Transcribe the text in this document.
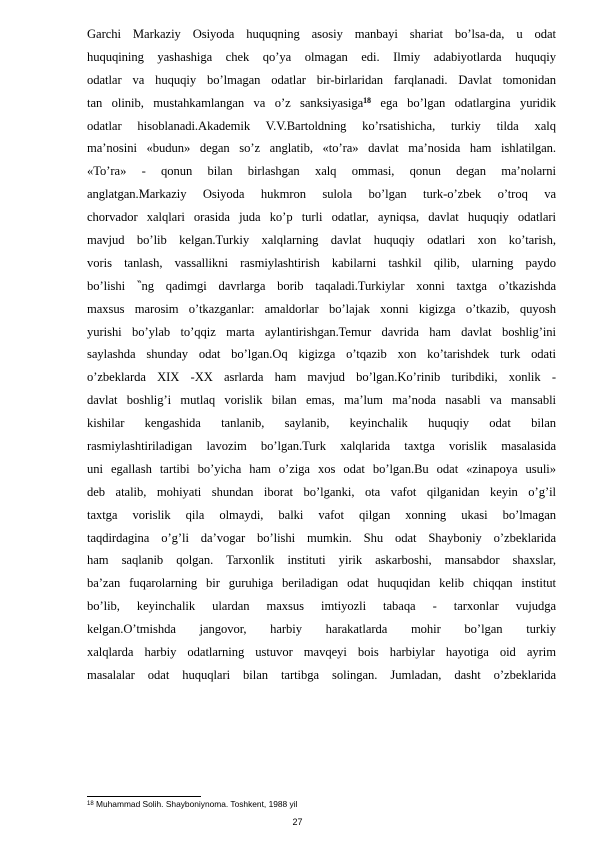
Garchi Markaziy Osiyoda huquqning asosiy manbayi shariat bo’lsa-da, u odat
huquqining yashashiga chek qo’ya olmagan edi. Ilmiy adabiyotlarda huquqiy
odatlar va huquqiy bo’lmagan odatlar bir-birlaridan farqlanadi. Davlat tomonidan
tan olinib, mustahkamlangan va o’z sanksiyasiga$^{18}$ ega bo’lgan odatlargina yuridik
odatlar hisoblanadi.Akademik V.V.Bartoldning ko’rsatishicha, turkiy tilda xalq
ma’nosini «budun» degan so’z anglatib, «to’ra» davlat ma’nosida ham ishlatilgan.
«To’ra» - qonun bilan birlashgan xalq ommasi, qonun degan ma’nolarni
anglatgan.Markaziy Osiyoda hukmron sulola bo’lgan turk-o’zbek o’troq va
chorvador xalqlari orasida juda ko’p turli odatlar, ayniqsa, davlat huquqiy odatlari
mavjud bo’lib kelgan.Turkiy xalqlarning davlat huquqiy odatlari xon ko’tarish,
voris tanlash, vassallikni rasmiylashtirish kabilarni tashkil qilib, ularning paydo
bo’lishi ‶ng qadimgi davrlarga borib taqaladi.Turkiylar xonni taxtga o’tkazishda
maxsus marosim o’tkazganlar: amaldorlar bo’lajak xonni kigizga o’tkazib, quyosh
yurishi bo’ylab to’qqiz marta aylantirishgan.Temur davrida ham davlat boshlig’ini
saylashda shunday odat bo’lgan.Oq kigizga o’tqazib xon ko’tarishdek turk odati
o’zbeklarda XIX -XX asrlarda ham mavjud bo’lgan.Ko’rinib turibdiki, xonlik -
davlat boshlig’i mutlaq vorislik bilan emas, ma’lum ma’noda nasabli va mansabli
kishilar kengashida tanlanib, saylanib, keyinchalik huquqiy odat bilan
rasmiylashtiriladigan lavozim bo’lgan.Turk xalqlarida taxtga vorislik masalasida
uni egallash tartibi bo’yicha ham o’ziga xos odat bo’lgan.Bu odat «zinapoya usuli»
deb atalib, mohiyati shundan iborat bo’lganki, ota vafot qilganidan keyin o’g’il
taxtga vorislik qila olmaydi, balki vafot qilgan xonning ukasi bo’lmagan
taqdirdagina o’g’li da’vogar bo’lishi mumkin. Shu odat Shayboniy o’zbeklarida
ham saqlanib qolgan. Tarxonlik instituti yirik askarboshi, mansabdor shaxslar,
ba’zan fuqarolarning bir guruhiga beriladigan odat huquqidan kelib chiqqan institut
bo’lib, keyinchalik ulardan maxsus imtiyozli tabaqa - tarxonlar vujudga
kelgan.O’tmishda jangovor, harbiy harakatlarda mohir bo’lgan turkiy
xalqlarda harbiy odatlarning ustuvor mavqeyi bois harbiylar hayotiga oid ayrim
masalalar odat huquqlari bilan tartibga solingan. Jumladan, dasht o’zbeklarida
$^{18}$ Muhammad Solih. Shayboniynoma. Toshkent, 1988 yil
27
